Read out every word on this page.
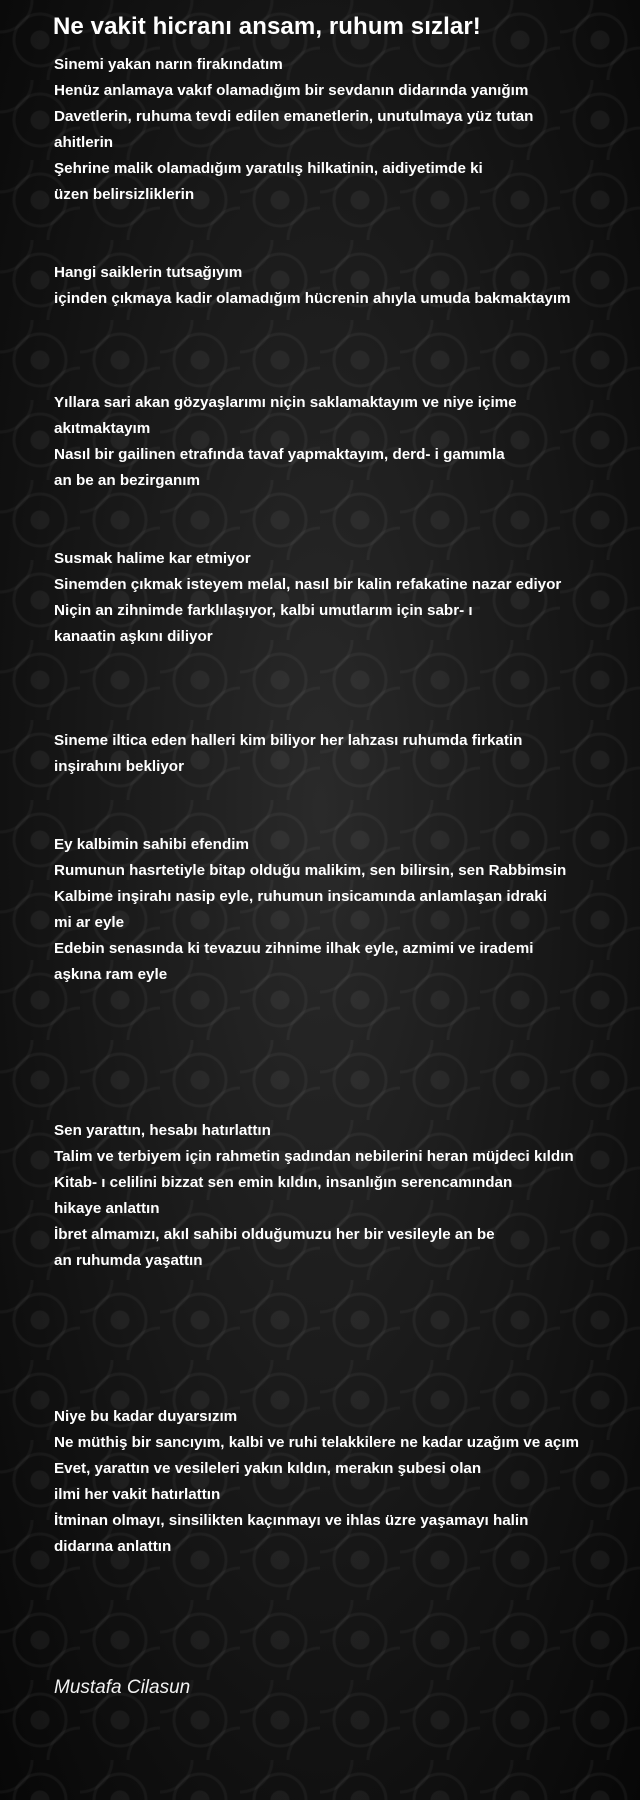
Ne vakit hicranı ansam, ruhum sızlar!
Sinemi yakan narın firakındatım
Henüz anlamaya vakıf olamadığım bir sevdanın didarında yanığım
Davetlerin, ruhuma tevdi edilen emanetlerin, unutulmaya yüz tutan
ahitlerin
Şehrine malik olamadığım yaratılış hilkatinin, aidiyetimde ki
üzen belirsizliklerin
Hangi saiklerin tutsağıyım
içinden çıkmaya kadir olamadığım hücrenin ahıyla umuda bakmaktayım
Yıllara sari akan gözyaşlarımı niçin saklamaktayım ve niye içime
akıtmaktayım
Nasıl bir gailinen etrafında tavaf yapmaktayım, derd- i gamımla
an be an bezirganım
Susmak halime kar etmiyor
Sinemden çıkmak isteyem melal, nasıl bir kalin refakatine nazar ediyor
Niçin an zihnimde farklılaşıyor, kalbi umutlarım için sabr- ı
kanaatin aşkını diliyor
Sineme iltica eden halleri kim biliyor her lahzası ruhumda firkatin
inşirahını bekliyor
Ey kalbimin sahibi efendim
Rumunun hasrtetiyle bitap olduğu malikim, sen bilirsin, sen Rabbimsin
Kalbime inşirahı nasip eyle, ruhumun insicamında anlamlaşan idraki
mi ar eyle
Edebin senasında ki tevazuu zihnime ilhak eyle, azmimi ve irademi
aşkına ram eyle
Sen yarattın, hesabı hatırlattın
Talim ve terbiyem için rahmetin şadından nebilerini heran müjdeci kıldın
Kitab- ı celilini bizzat sen emin kıldın, insanlığın serencamından
hikaye anlattın
İbret almamızı, akıl sahibi olduğumuzu her bir vesileyle an be
an ruhumda yaşattın
Niye bu kadar duyarsızım
Ne müthiş bir sancıyım, kalbi ve ruhi telakkilere ne kadar uzağım ve açım
Evet, yarattın ve vesileleri yakın kıldın, merakın şubesi olan
ilmi her vakit hatırlattın
İtminan olmayı, sinsilikten kaçınmayı ve ihlas üzre yaşamayı halin
didarına anlattın
Mustafa Cilasun
